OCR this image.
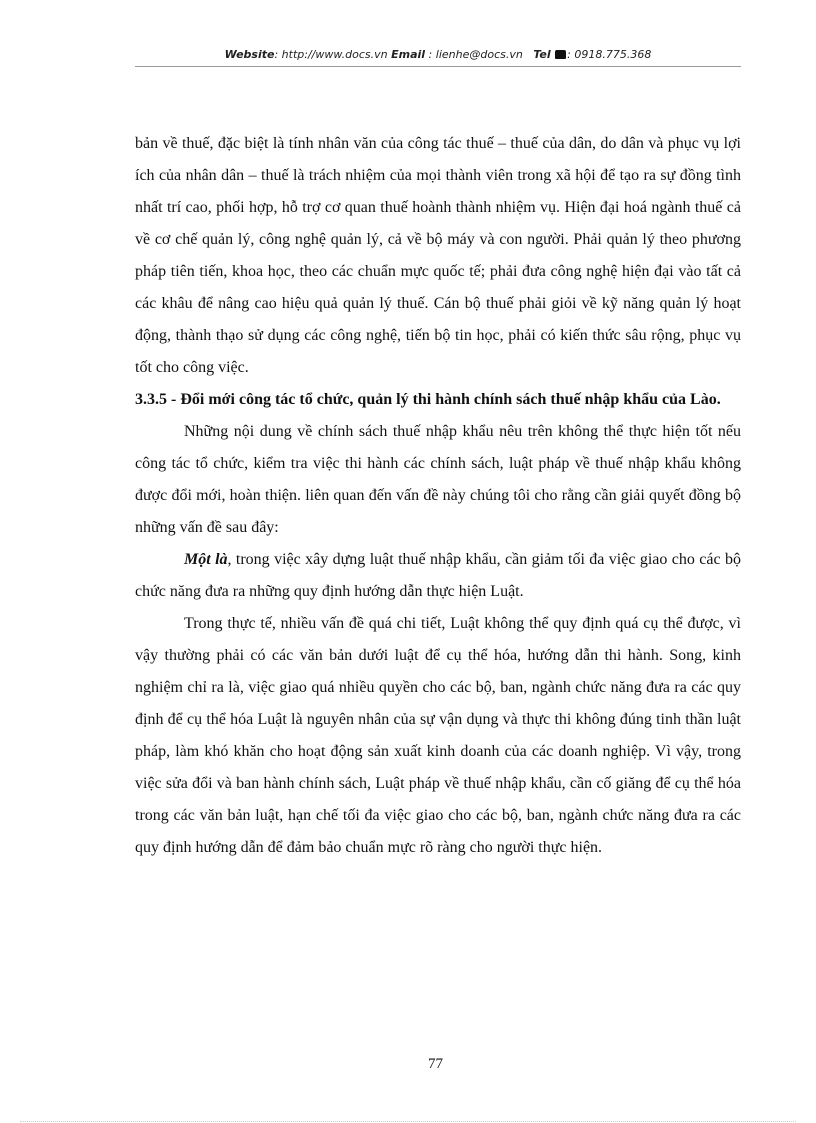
Website: http://www.docs.vn Email : lienhe@docs.vn Tel : 0918.775.368

bản về thuế, đặc biệt là tính nhân văn của công tác thuế – thuế của dân, do dân và phục vụ lợi ích của nhân dân – thuế là trách nhiệm của mọi thành viên trong xã hội để tạo ra sự đồng tình nhất trí cao, phối hợp, hỗ trợ cơ quan thuế hoành thành nhiệm vụ. Hiện đại hoá ngành thuế cả về cơ chế quản lý, công nghệ quản lý, cả về bộ máy và con người. Phải quản lý theo phương pháp tiên tiến, khoa học, theo các chuẩn mực quốc tế; phải đưa công nghệ hiện đại vào tất cả các khâu để nâng cao hiệu quả quản lý thuế. Cán bộ thuế phải giỏi về kỹ năng quản lý hoạt động, thành thạo sử dụng các công nghệ, tiến bộ tin học, phải có kiến thức sâu rộng, phục vụ tốt cho công việc.

3.3.5 - Đổi mới công tác tổ chức, quản lý thi hành chính sách thuế nhập khẩu của Lào.

Những nội dung về chính sách thuế nhập khẩu nêu trên không thể thực hiện tốt nếu công tác tổ chức, kiểm tra việc thi hành các chính sách, luật pháp về thuế nhập khẩu không được đổi mới, hoàn thiện. liên quan đến vấn đề này chúng tôi cho rằng cần giải quyết đồng bộ những vấn đề sau đây:

Một là, trong việc xây dựng luật thuế nhập khẩu, cần giảm tối đa việc giao cho các bộ chức năng đưa ra những quy định hướng dẫn thực hiện Luật.

Trong thực tế, nhiều vấn đề quá chi tiết, Luật không thể quy định quá cụ thể được, vì vậy thường phải có các văn bản dưới luật để cụ thể hóa, hướng dẫn thi hành. Song, kinh nghiệm chỉ ra là, việc giao quá nhiều quyền cho các bộ, ban, ngành chức năng đưa ra các quy định để cụ thể hóa Luật là nguyên nhân của sự vận dụng và thực thi không đúng tinh thần luật pháp, làm khó khăn cho hoạt động sản xuất kinh doanh của các doanh nghiệp. Vì vậy, trong việc sửa đổi và ban hành chính sách, Luật pháp về thuế nhập khẩu, cần cố giăng để cụ thể hóa trong các văn bản luật, hạn chế tối đa việc giao cho các bộ, ban, ngành chức năng đưa ra các quy định hướng dẫn để đảm bảo chuẩn mực rõ ràng cho người thực hiện.

77
